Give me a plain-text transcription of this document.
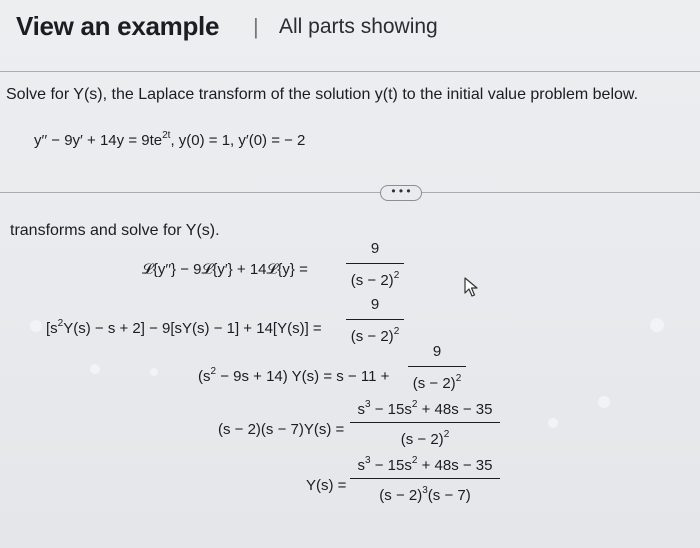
View an example | All parts showing
Solve for Y(s), the Laplace transform of the solution y(t) to the initial value problem below.
$y'' - 9y' + 14y = 9te^{2t}$, y(0) = 1, y′(0) = − 2
• • •
transforms and solve for Y(s).
𝓛{y′′} − 9𝓛{y′} + 14𝓛{y} =
9
$(s - 2)^2$
$[s^2Y(s) - s + 2] - 9[sY(s) - 1] + 14[Y(s)]$ =
9
$(s - 2)^2$
$(s^2 - 9s + 14) Y(s) = s - 11$ +
9
$(s - 2)^2$
(s − 2)(s − 7)Y(s) =
$s^3 - 15s^2 + 48s - 35$
$(s - 2)^2$
Y(s) =
$s^3 - 15s^2 + 48s - 35$
$(s - 2)^3(s - 7)$
